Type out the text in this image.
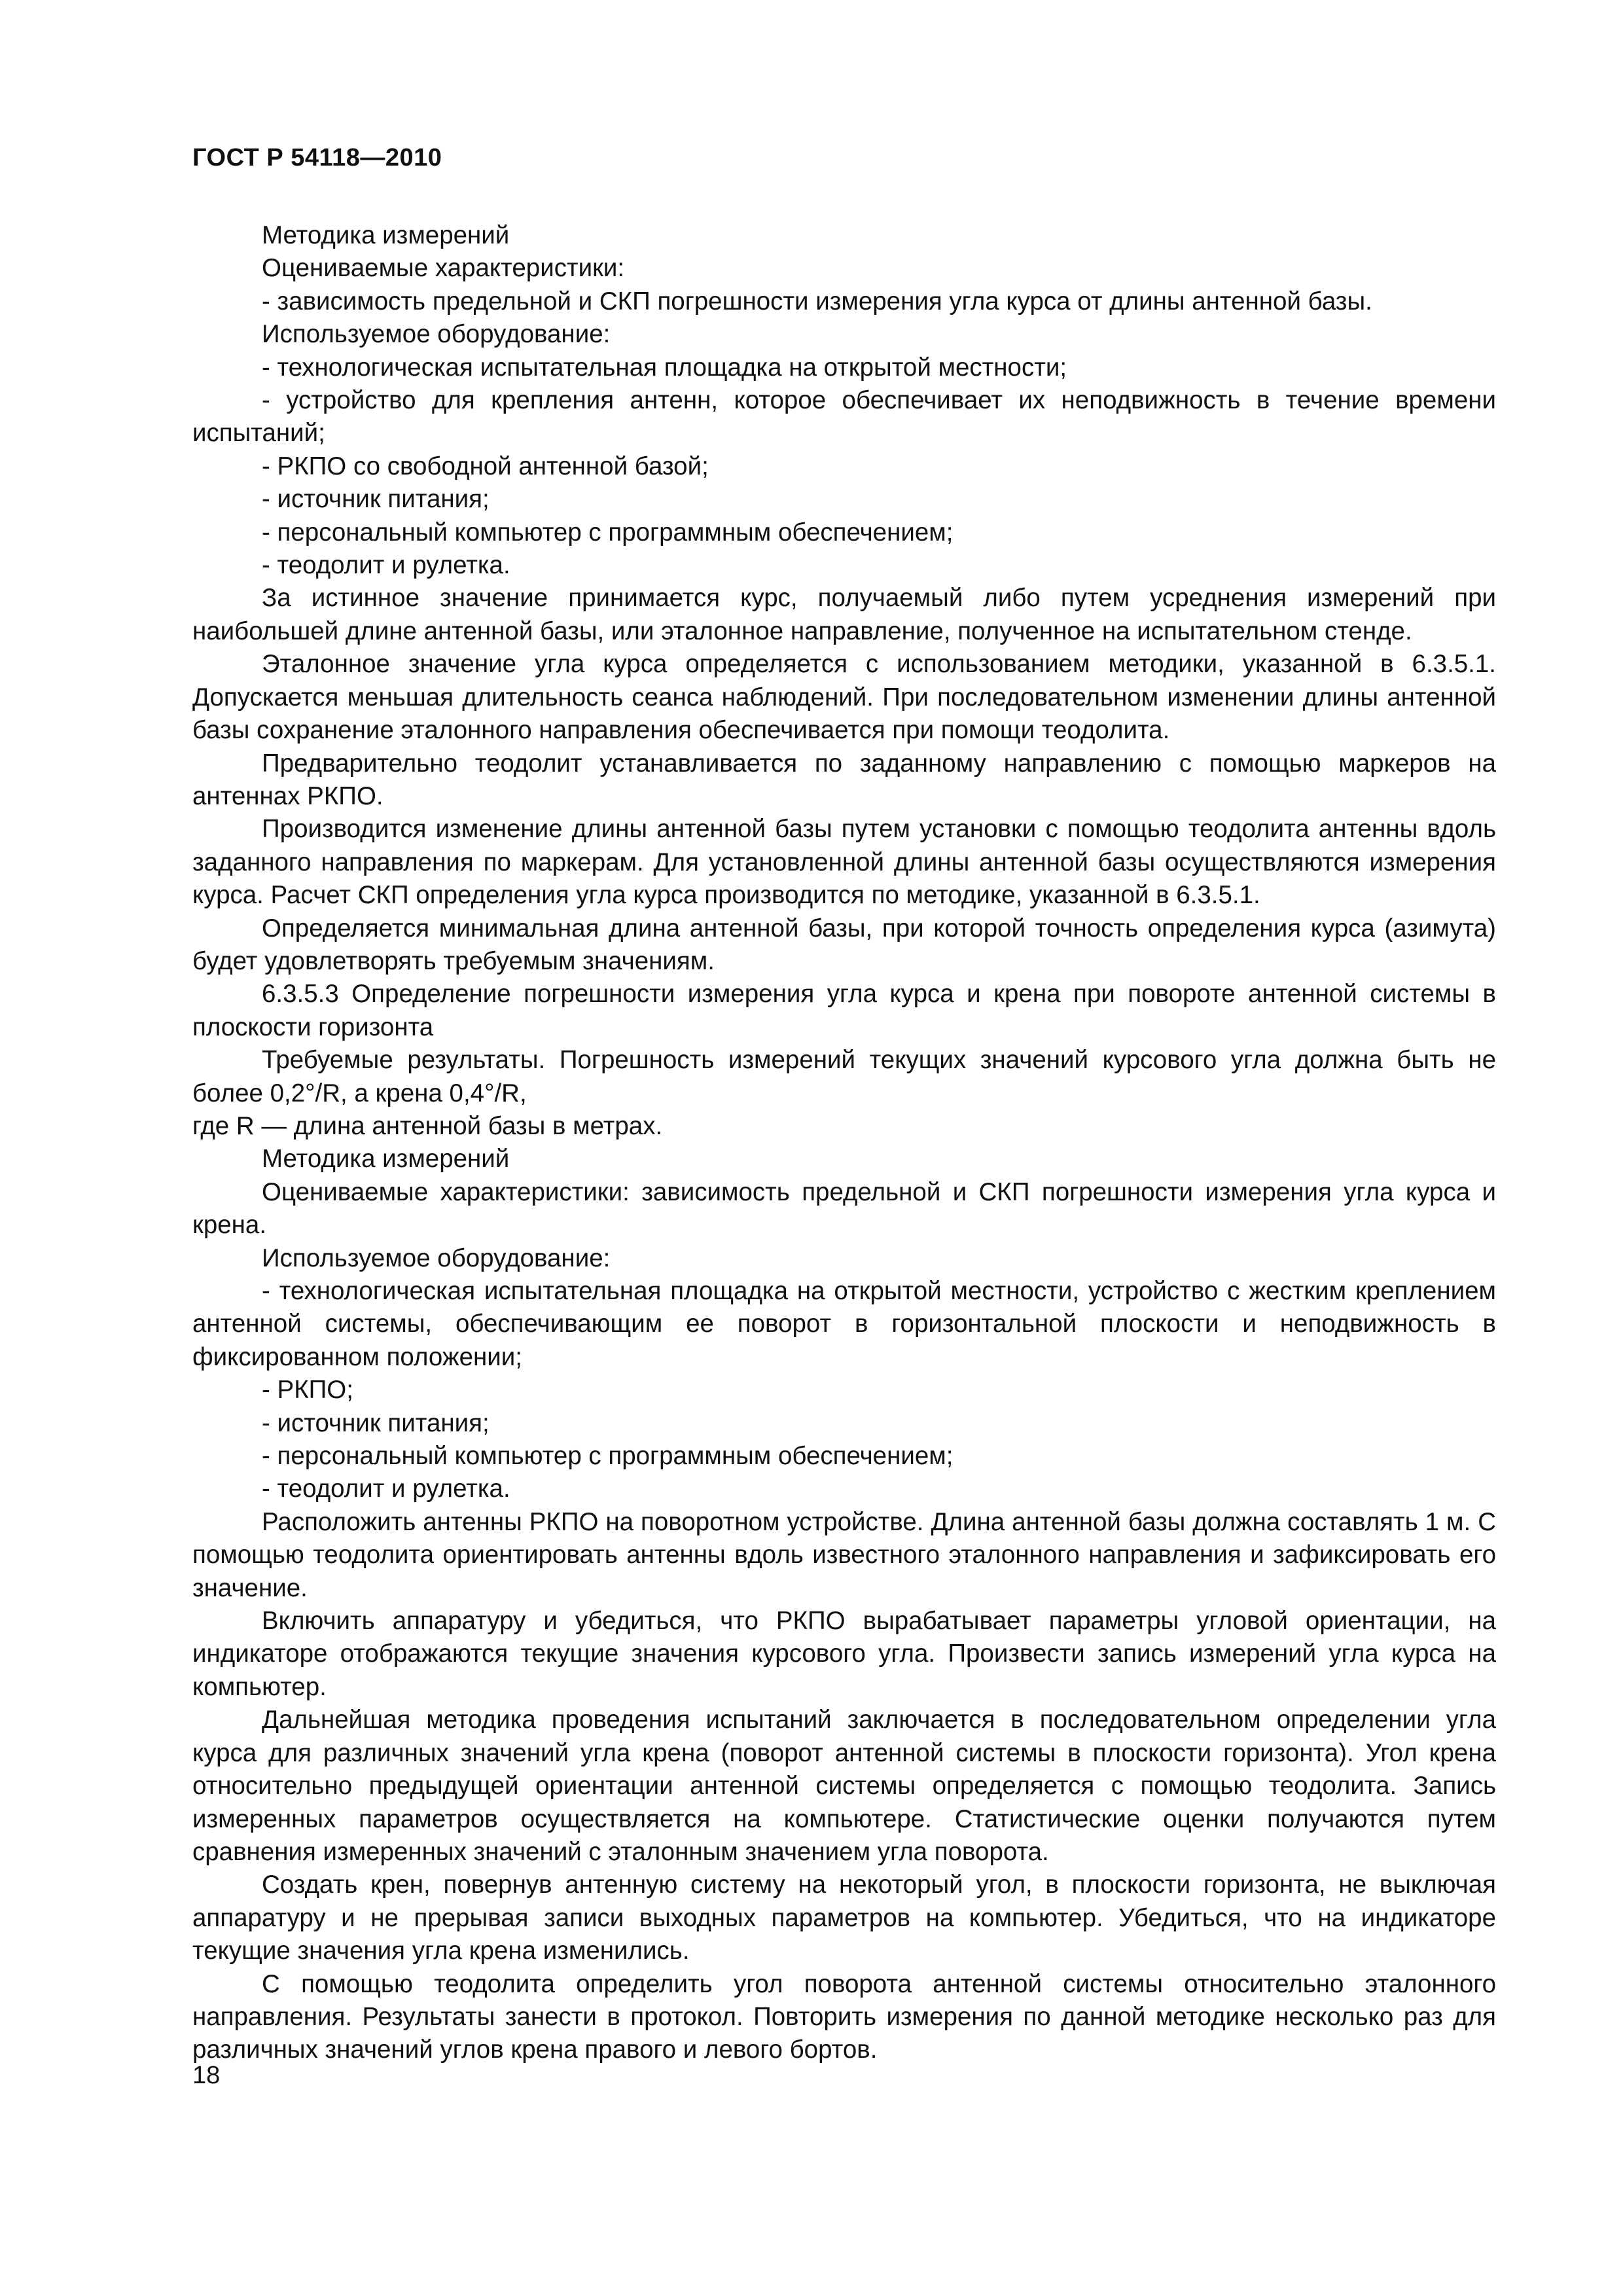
ГОСТ Р 54118—2010

Методика измерений

Оцениваемые характеристики:

- зависимость предельной и СКП погрешности измерения угла курса от длины антенной базы.

Используемое оборудование:

- технологическая испытательная площадка на открытой местности;

- устройство для крепления антенн, которое обеспечивает их неподвижность в течение времени испытаний;

- РКПО со свободной антенной базой;

- источник питания;

- персональный компьютер с программным обеспечением;

- теодолит и рулетка.

За истинное значение принимается курс, получаемый либо путем усреднения измерений при наибольшей длине антенной базы, или эталонное направление, полученное на испытательном стенде.

Эталонное значение угла курса определяется с использованием методики, указанной в 6.3.5.1. Допускается меньшая длительность сеанса наблюдений. При последовательном изменении длины антенной базы сохранение эталонного направления обеспечивается при помощи теодолита.

Предварительно теодолит устанавливается по заданному направлению с помощью маркеров на антеннах РКПО.

Производится изменение длины антенной базы путем установки с помощью теодолита антенны вдоль заданного направления по маркерам. Для установленной длины антенной базы осуществляются измерения курса. Расчет СКП определения угла курса производится по методике, указанной в 6.3.5.1.

Определяется минимальная длина антенной базы, при которой точность определения курса (азимута) будет удовлетворять требуемым значениям.

6.3.5.3 Определение погрешности измерения угла курса и крена при повороте антенной системы в плоскости горизонта

Требуемые результаты. Погрешность измерений текущих значений курсового угла должна быть не более 0,2°/R, а крена 0,4°/R,

где R — длина антенной базы в метрах.

Методика измерений

Оцениваемые характеристики: зависимость предельной и СКП погрешности измерения угла курса и крена.

Используемое оборудование:

- технологическая испытательная площадка на открытой местности, устройство с жестким креплением антенной системы, обеспечивающим ее поворот в горизонтальной плоскости и неподвижность в фиксированном положении;

- РКПО;

- источник питания;

- персональный компьютер с программным обеспечением;

- теодолит и рулетка.

Расположить антенны РКПО на поворотном устройстве. Длина антенной базы должна составлять 1 м. С помощью теодолита ориентировать антенны вдоль известного эталонного направления и зафиксировать его значение.

Включить аппаратуру и убедиться, что РКПО вырабатывает параметры угловой ориентации, на индикаторе отображаются текущие значения курсового угла. Произвести запись измерений угла курса на компьютер.

Дальнейшая методика проведения испытаний заключается в последовательном определении угла курса для различных значений угла крена (поворот антенной системы в плоскости горизонта). Угол крена относительно предыдущей ориентации антенной системы определяется с помощью теодолита. Запись измеренных параметров осуществляется на компьютере. Статистические оценки получаются путем сравнения измеренных значений с эталонным значением угла поворота.

Создать крен, повернув антенную систему на некоторый угол, в плоскости горизонта, не выключая аппаратуру и не прерывая записи выходных параметров на компьютер. Убедиться, что на индикаторе текущие значения угла крена изменились.

С помощью теодолита определить угол поворота антенной системы относительно эталонного направления. Результаты занести в протокол. Повторить измерения по данной методике несколько раз для различных значений углов крена правого и левого бортов.

18
